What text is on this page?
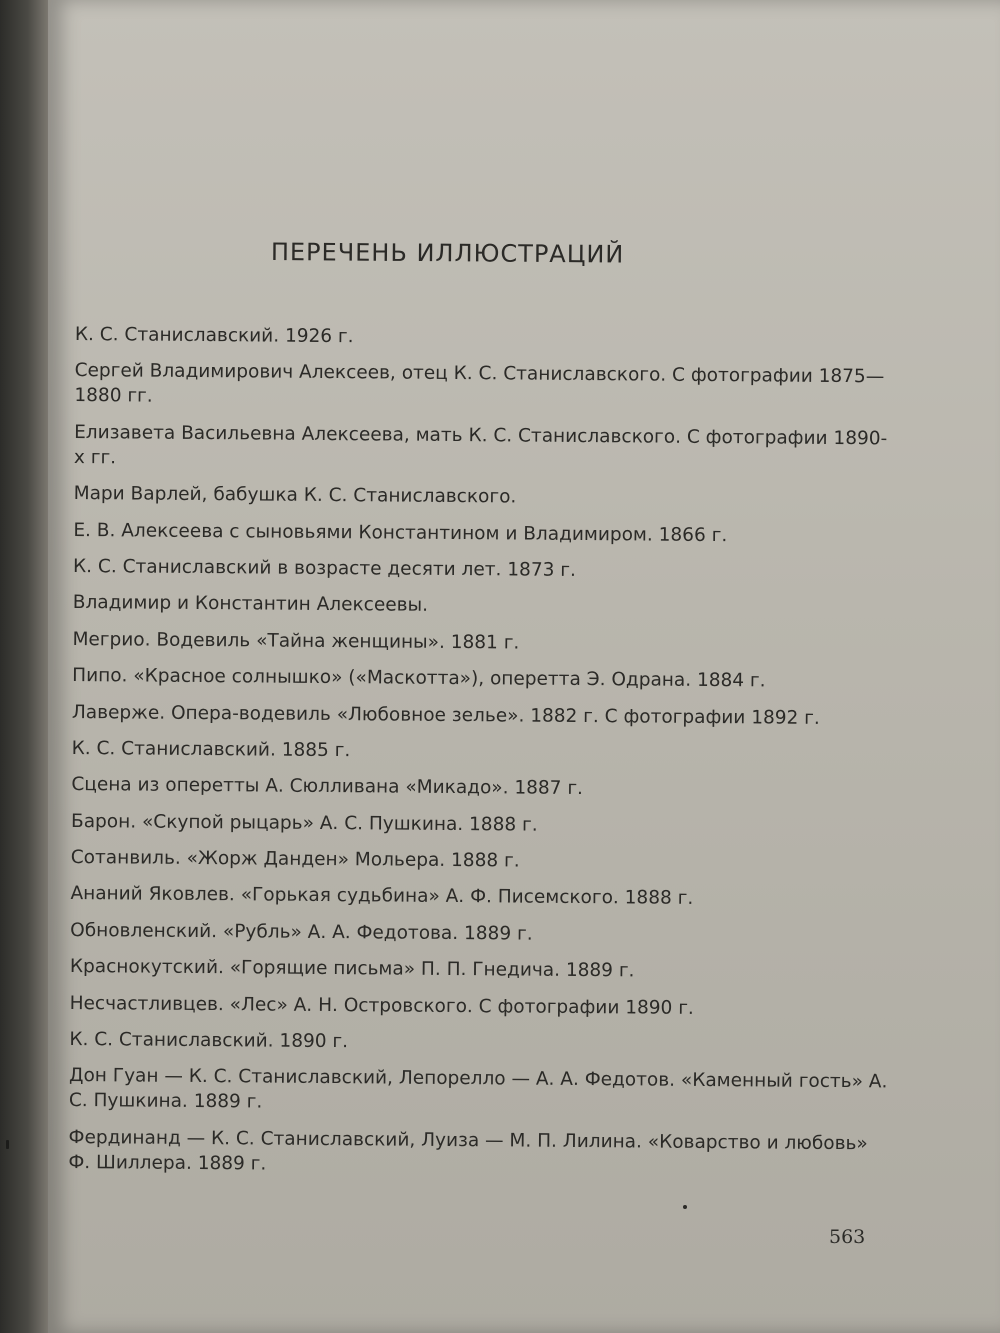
ПЕРЕЧЕНЬ ИЛЛЮСТРАЦИЙ
К. С. Станиславский. 1926 г.
Сергей Владимирович Алексеев, отец К. С. Станиславского. С фотографии 1875—1880 гг.
Елизавета Васильевна Алексеева, мать К. С. Станиславского. С фотографии 1890-х гг.
Мари Варлей, бабушка К. С. Станиславского.
Е. В. Алексеева с сыновьями Константином и Владимиром. 1866 г.
К. С. Станиславский в возрасте десяти лет. 1873 г.
Владимир и Константин Алексеевы.
Мегрио. Водевиль «Тайна женщины». 1881 г.
Пипо. «Красное солнышко» («Маскотта»), оперетта Э. Одрана. 1884 г.
Лаверже. Опера-водевиль «Любовное зелье». 1882 г. С фотографии 1892 г.
К. С. Станиславский. 1885 г.
Сцена из оперетты А. Сюлливана «Микадо». 1887 г.
Барон. «Скупой рыцарь» А. С. Пушкина. 1888 г.
Сотанвиль. «Жорж Данден» Мольера. 1888 г.
Ананий Яковлев. «Горькая судьбина» А. Ф. Писемского. 1888 г.
Обновленский. «Рубль» А. А. Федотова. 1889 г.
Краснокутский. «Горящие письма» П. П. Гнедича. 1889 г.
Несчастливцев. «Лес» А. Н. Островского. С фотографии 1890 г.
К. С. Станиславский. 1890 г.
Дон Гуан — К. С. Станиславский, Лепорелло — А. А. Федотов. «Каменный гость» А. С. Пушкина. 1889 г.
Фердинанд — К. С. Станиславский, Луиза — М. П. Лилина. «Коварство и любовь» Ф. Шиллера. 1889 г.
563
